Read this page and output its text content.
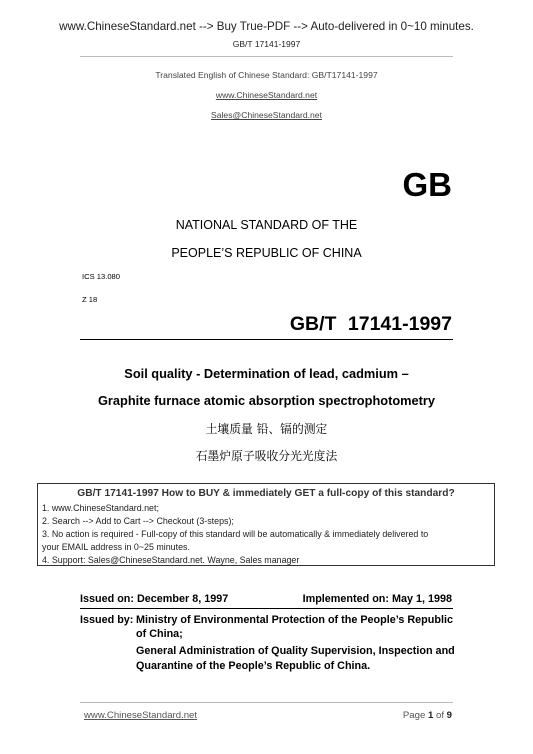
www.ChineseStandard.net --> Buy True-PDF --> Auto-delivered in 0~10 minutes.
GB/T 17141-1997
Translated English of Chinese Standard: GB/T17141-1997
www.ChineseStandard.net
Sales@ChineseStandard.net
GB
NATIONAL STANDARD OF THE
PEOPLE’S REPUBLIC OF CHINA
ICS 13.080
Z 18
GB/T 17141-1997
Soil quality - Determination of lead, cadmium –
Graphite furnace atomic absorption spectrophotometry
土壤质量 铅、镉的测定
石墨炉原子吸收分光光度法
GB/T 17141-1997 How to BUY & immediately GET a full-copy of this standard?
1. www.ChineseStandard.net;
2. Search --> Add to Cart --> Checkout (3-steps);
3. No action is required - Full-copy of this standard will be automatically & immediately delivered to
your EMAIL address in 0~25 minutes.
4. Support: Sales@ChineseStandard.net. Wayne, Sales manager
Issued on: December 8, 1997	Implemented on: May 1, 1998
Issued by: Ministry of Environmental Protection of the People’s Republic
of China;
General Administration of Quality Supervision, Inspection and
Quarantine of the People’s Republic of China.
www.ChineseStandard.net	Page 1 of 9
